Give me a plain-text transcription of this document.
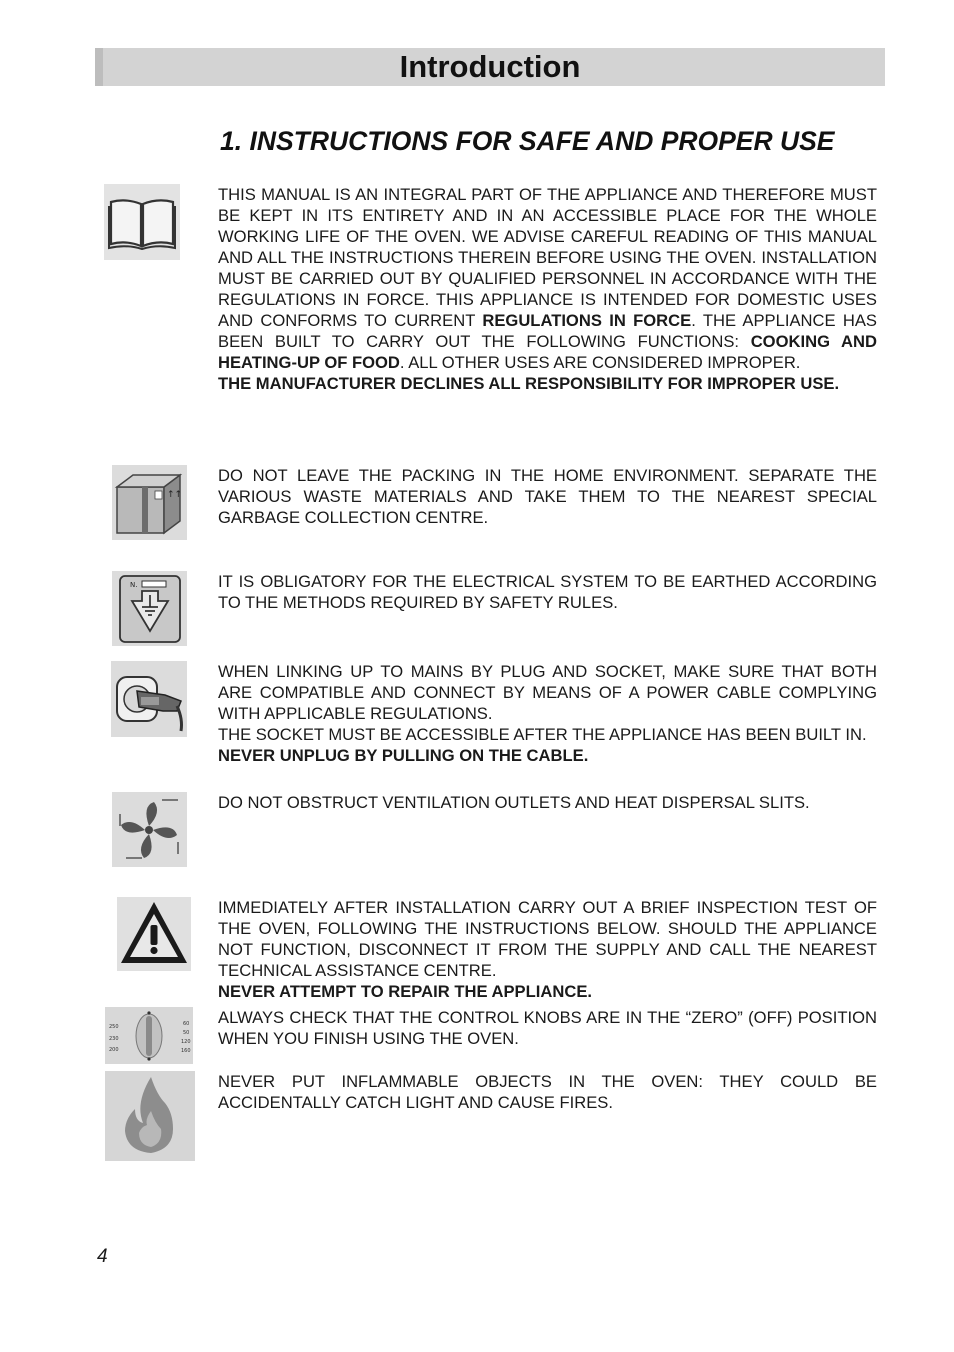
Introduction
1. INSTRUCTIONS FOR SAFE AND PROPER USE

THIS MANUAL IS AN INTEGRAL PART OF THE APPLIANCE AND THEREFORE MUST BE KEPT IN ITS ENTIRETY AND IN AN ACCESSIBLE PLACE FOR THE WHOLE WORKING LIFE OF THE OVEN. WE ADVISE CAREFUL READING OF THIS MANUAL AND ALL THE INSTRUCTIONS THEREIN BEFORE USING THE OVEN. INSTALLATION MUST BE CARRIED OUT BY QUALIFIED PERSONNEL IN ACCORDANCE WITH THE REGULATIONS IN FORCE. THIS APPLIANCE IS INTENDED FOR DOMESTIC USES AND CONFORMS TO CURRENT REGULATIONS IN FORCE. THE APPLIANCE HAS BEEN BUILT TO CARRY OUT THE FOLLOWING FUNCTIONS: COOKING AND HEATING-UP OF FOOD. ALL OTHER USES ARE CONSIDERED IMPROPER.

THE MANUFACTURER DECLINES ALL RESPONSIBILITY FOR IMPROPER USE.

↑↑

DO NOT LEAVE THE PACKING IN THE HOME ENVIRONMENT. SEPARATE THE VARIOUS WASTE MATERIALS AND TAKE THEM TO THE NEAREST SPECIAL GARBAGE COLLECTION CENTRE.

N.	IT IS OBLIGATORY FOR THE ELECTRICAL SYSTEM TO BE EARTHED ACCORDING TO THE METHODS REQUIRED BY SAFETY RULES.

WHEN LINKING UP TO MAINS BY PLUG AND SOCKET, MAKE SURE THAT BOTH ARE COMPATIBLE AND CONNECT BY MEANS OF A POWER CABLE COMPLYING WITH APPLICABLE REGULATIONS.

THE SOCKET MUST BE ACCESSIBLE AFTER THE APPLIANCE HAS BEEN BUILT IN.

NEVER UNPLUG BY PULLING ON THE CABLE.

DO NOT OBSTRUCT VENTILATION OUTLETS AND HEAT DISPERSAL SLITS.

IMMEDIATELY AFTER INSTALLATION CARRY OUT A BRIEF INSPECTION TEST OF THE OVEN, FOLLOWING THE INSTRUCTIONS BELOW. SHOULD THE APPLIANCE NOT FUNCTION, DISCONNECT IT FROM THE SUPPLY AND CALL THE NEAREST TECHNICAL ASSISTANCE CENTRE.

NEVER ATTEMPT TO REPAIR THE APPLIANCE.

250
230
200
60
50
120
160

ALWAYS CHECK THAT THE CONTROL KNOBS ARE IN THE “ZERO” (OFF) POSITION WHEN YOU FINISH USING THE OVEN.

NEVER PUT INFLAMMABLE OBJECTS IN THE OVEN: THEY COULD BE ACCIDENTALLY CATCH LIGHT AND CAUSE FIRES.

4
